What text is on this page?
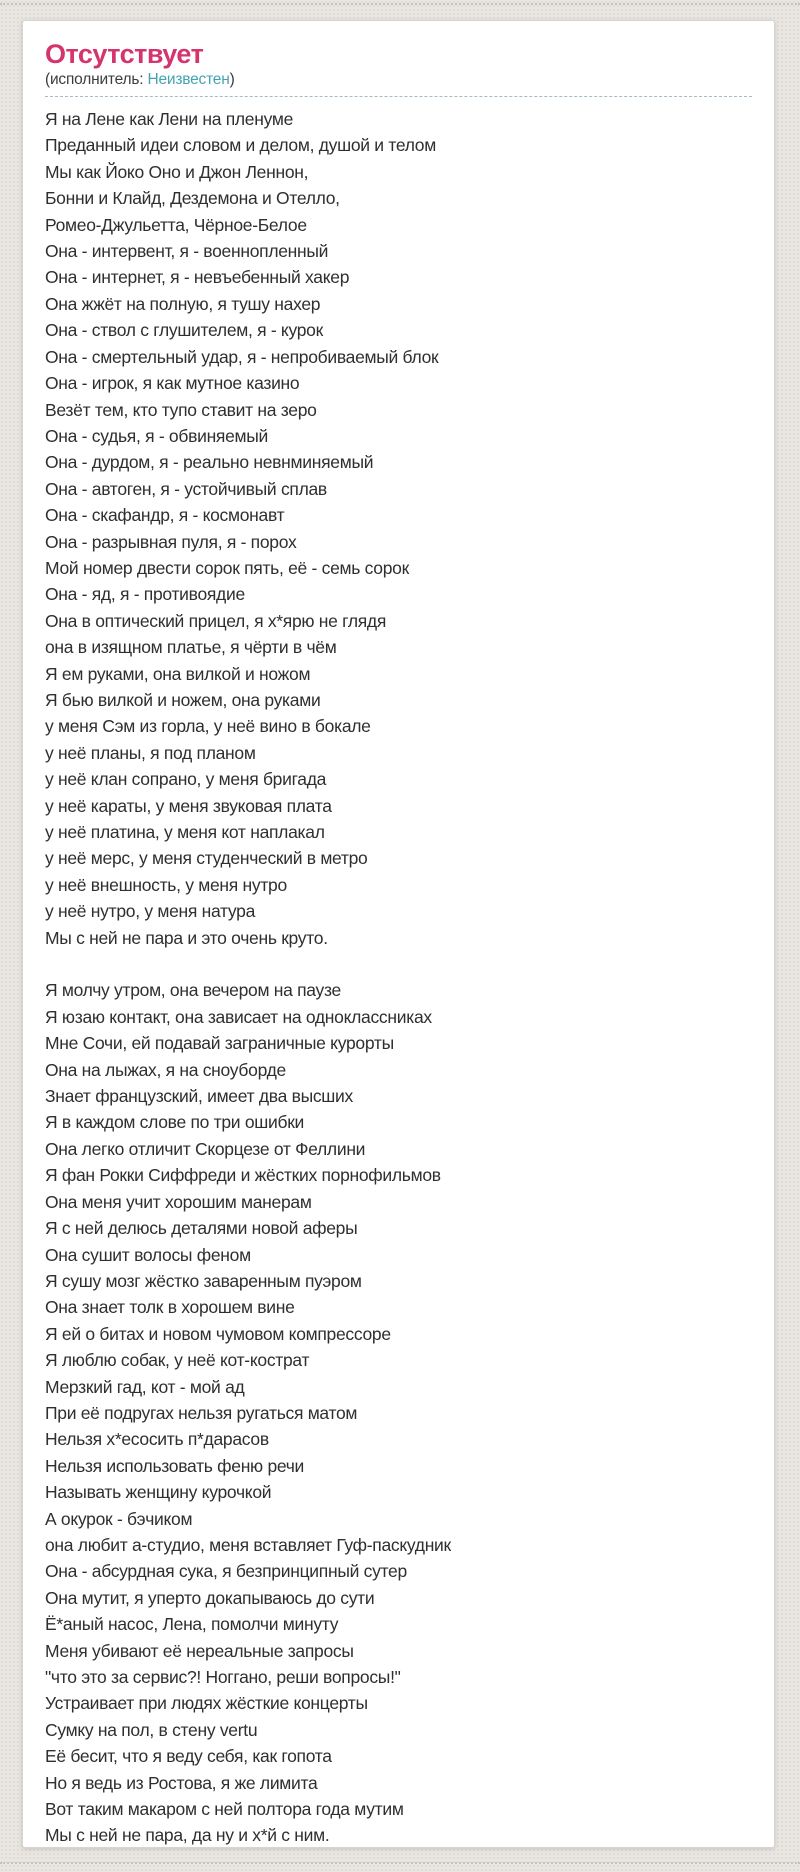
Отсутствует
(исполнитель: Неизвестен)
Я на Лене как Лени на пленуме
Преданный идеи словом и делом, душой и телом
Мы как Йоко Оно и Джон Леннон,
Бонни и Клайд, Дездемона и Отелло,
Ромео-Джульетта, Чёрное-Белое
Она - интервент, я - военнопленный
Она - интернет, я - невъебенный хакер
Она жжёт на полную, я тушу нахер
Она - ствол с глушителем, я - курок
Она - смертельный удар, я - непробиваемый блок
Она - игрок, я как мутное казино
Везёт тем, кто тупо ставит на зеро
Она - судья, я - обвиняемый
Она - дурдом, я - реально невнминяемый
Она - автоген, я - устойчивый сплав
Она - скафандр, я - космонавт
Она - разрывная пуля, я - порох
Мой номер двести сорок пять, её - семь сорок
Она - яд, я - противоядие
Она в оптический прицел, я х*ярю не глядя
она в изящном платье, я чёрти в чём
Я ем руками, она вилкой и ножом
Я бью вилкой и ножем, она руками
у меня Сэм из горла, у неё вино в бокале
у неё планы, я под планом
у неё клан сопрано, у меня бригада
у неё караты, у меня звуковая плата
у неё платина, у меня кот наплакал
у неё мерс, у меня студенческий в метро
у неё внешность, у меня нутро
у неё нутро, у меня натура
Мы с ней не пара и это очень круто.
Я молчу утром, она вечером на паузе
Я юзаю контакт, она зависает на одноклассниках
Мне Сочи, ей подавай заграничные курорты
Она на лыжах, я на сноуборде
Знает французский, имеет два высших
Я в каждом слове по три ошибки
Она легко отличит Скорцезе от Феллини
Я фан Рокки Сиффреди и жёстких порнофильмов
Она меня учит хорошим манерам
Я с ней делюсь деталями новой аферы
Она сушит волосы феном
Я сушу мозг жёстко заваренным пуэром
Она знает толк в хорошем вине
Я ей о битах и новом чумовом компрессоре
Я люблю собак, у неё кот-кострат
Мерзкий гад, кот - мой ад
При её подругах нельзя ругаться матом
Нельзя х*есосить п*дарасов
Нельзя использовать феню речи
Называть женщину курочкой
А окурок - бэчиком
она любит а-студио, меня вставляет Гуф-паскудник
Она - абсурдная сука, я безпринципный сутер
Она мутит, я уперто докапываюсь до сути
Ё*аный насос, Лена, помолчи минуту
Меня убивают её нереальные запросы
"что это за сервис?! Ноггано, реши вопросы!"
Устраивает при людях жёсткие концерты
Сумку на пол, в стену vertu
Её бесит, что я веду себя, как гопота
Но я ведь из Ростова, я же лимита
Вот таким макаром с ней полтора года мутим
Мы с ней не пара, да ну и х*й с ним.
